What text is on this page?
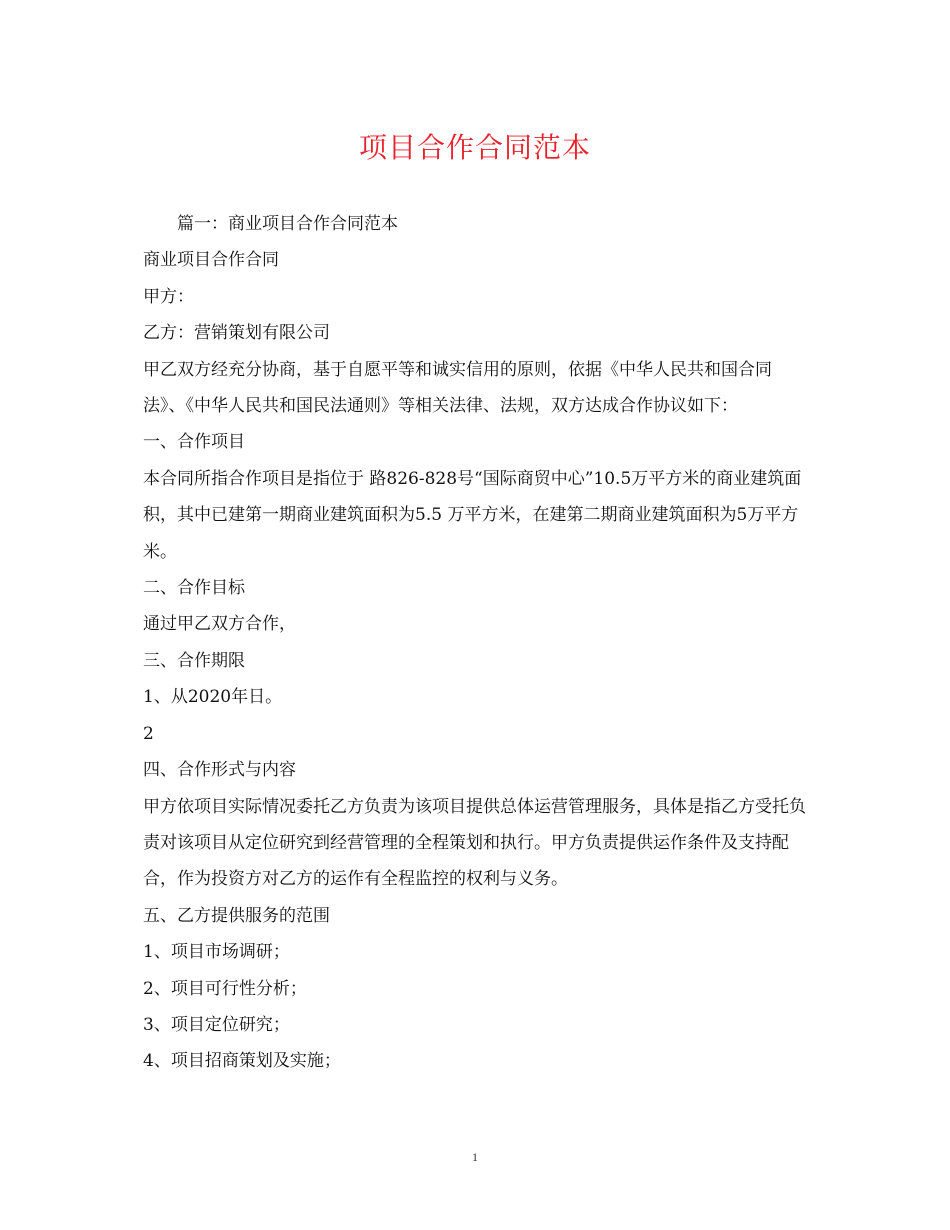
项目合作合同范本

篇一：商业项目合作合同范本

商业项目合作合同

甲方：

乙方：营销策划有限公司

甲乙双方经充分协商，基于自愿平等和诚实信用的原则，依据《中华人民共和国合同法》、《中华人民共和国民法通则》等相关法律、法规，双方达成合作协议如下：

一、合作项目

本合同所指合作项目是指位于 路826-828号“国际商贸中心”10.5万平方米的商业建筑面积，其中已建第一期商业建筑面积为5.5 万平方米，在建第二期商业建筑面积为5万平方米。

二、合作目标

通过甲乙双方合作，

三、合作期限

1、从2020年日。

2

四、合作形式与内容

甲方依项目实际情况委托乙方负责为该项目提供总体运营管理服务，具体是指乙方受托负责对该项目从定位研究到经营管理的全程策划和执行。甲方负责提供运作条件及支持配合，作为投资方对乙方的运作有全程监控的权利与义务。

五、乙方提供服务的范围

1、项目市场调研；

2、项目可行性分析；

3、项目定位研究；

4、项目招商策划及实施；

1
